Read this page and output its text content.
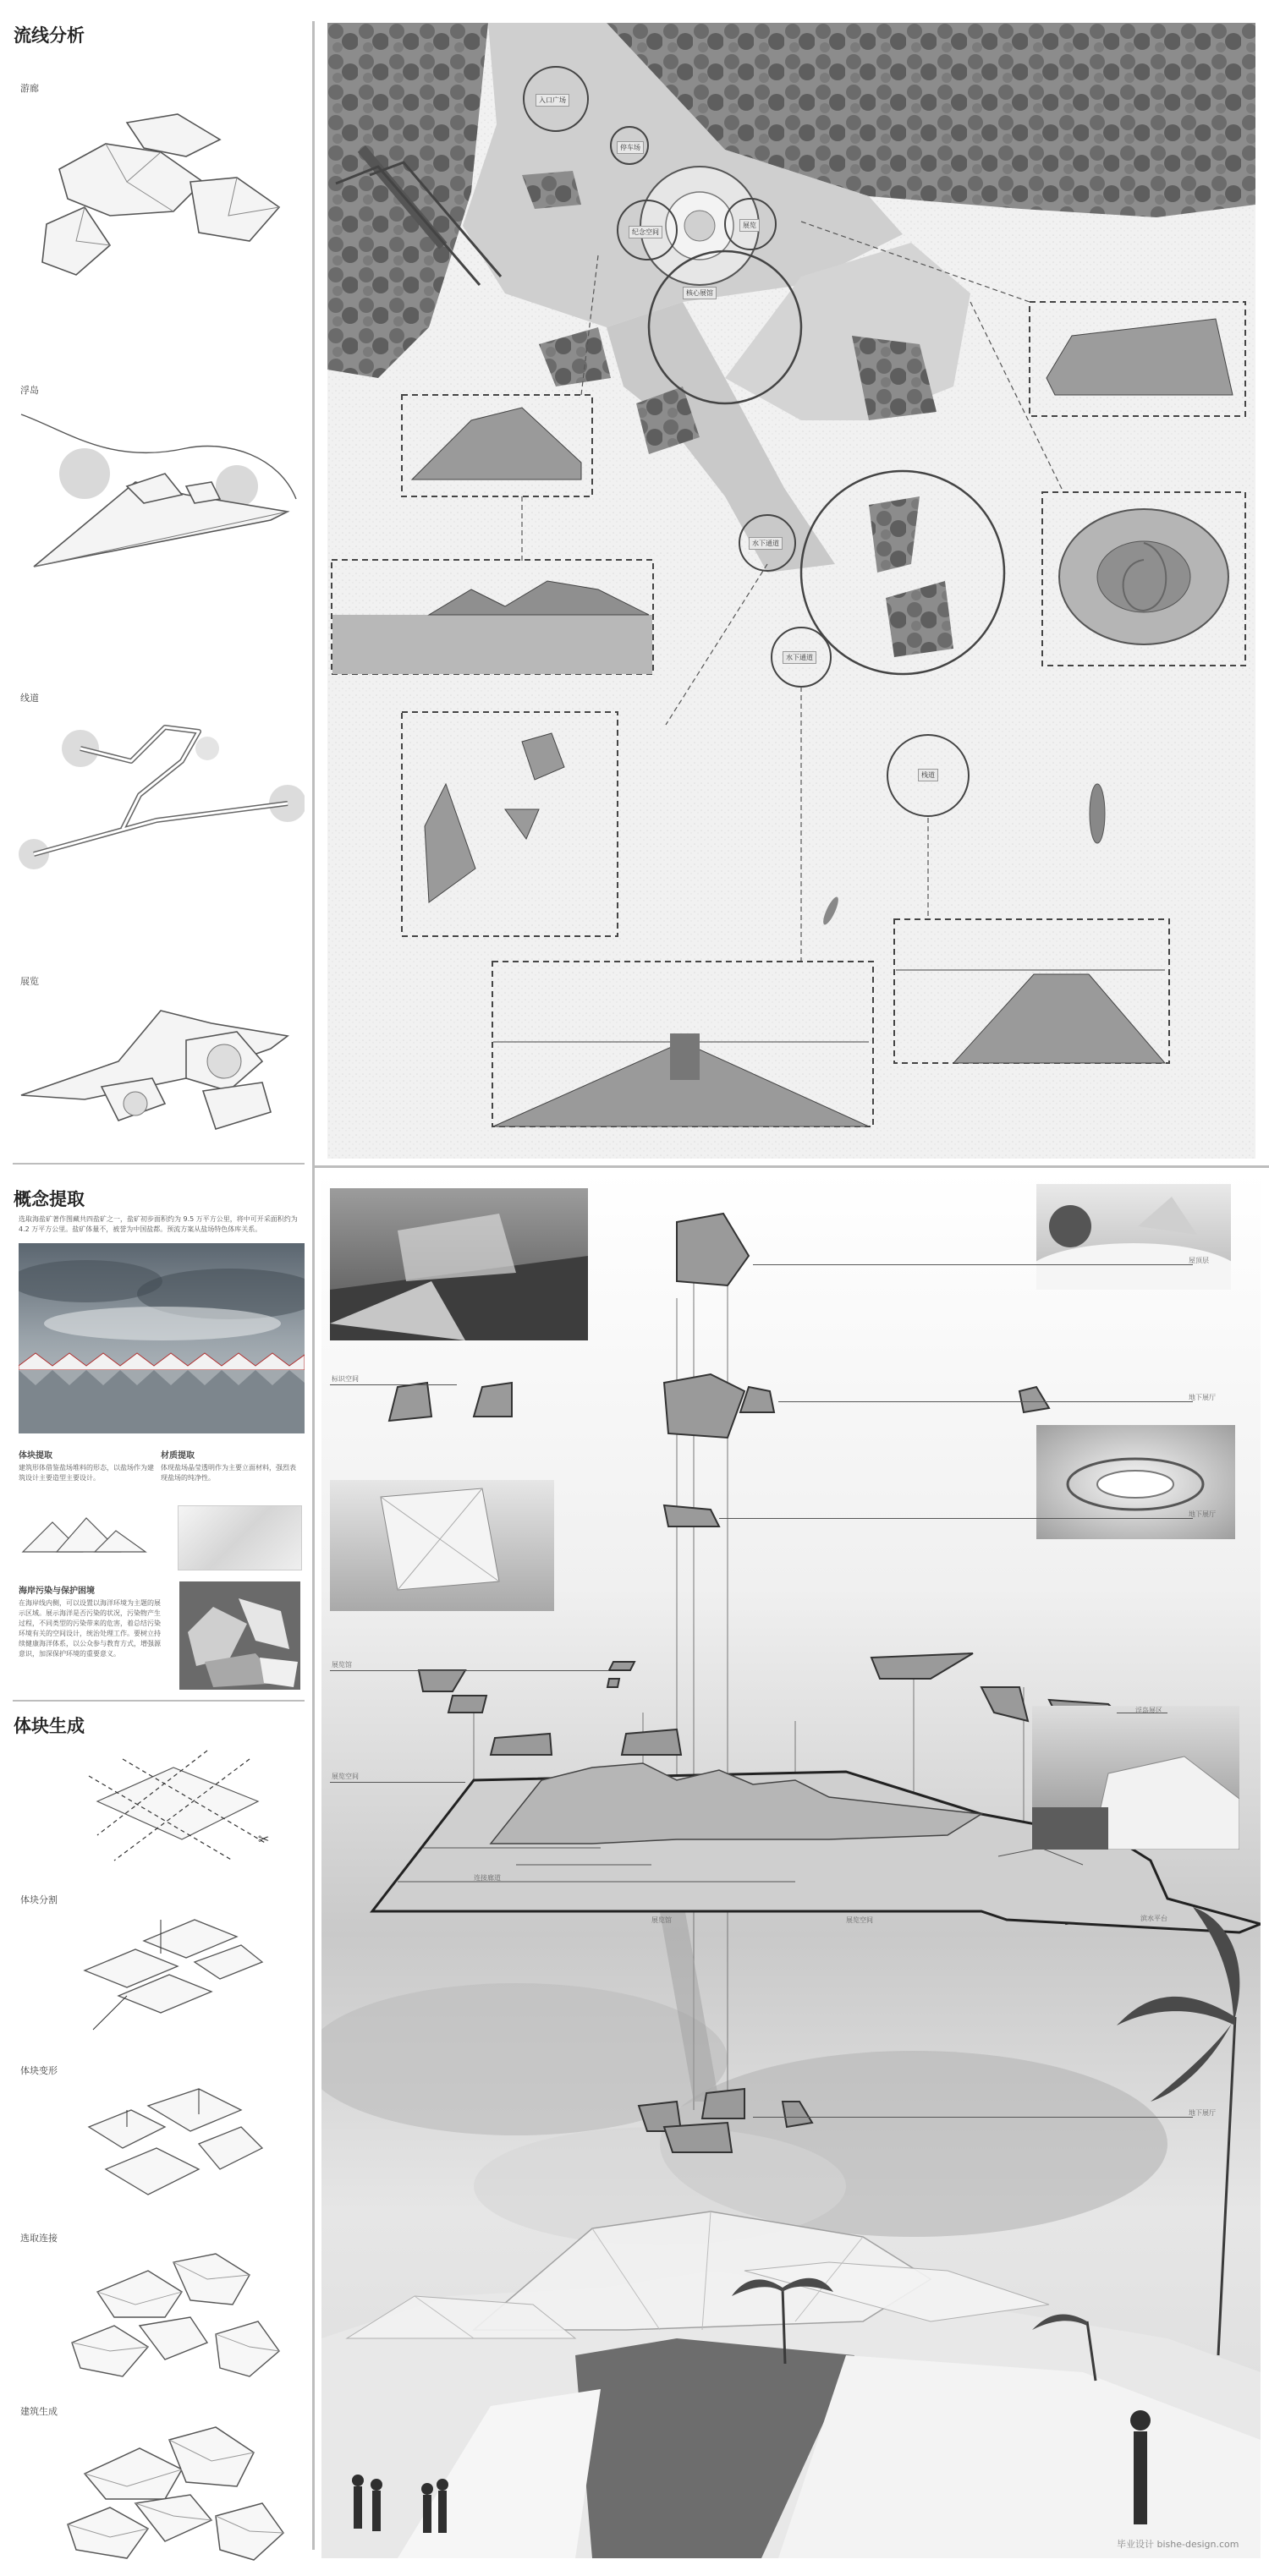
流线分析
游廊
浮岛
线道
展览
概念提取
选取海盐矿著作图藏共四盐矿之一，盐矿初步面积约为 9.5 万平方公里，将中可开采面积约为 4.2 万平方公里。盐矿体量不，被誉为中国盐都。预流方案从盐场特色体库关系。
体块提取
建筑形体借鉴盐场堆料的形态，以盐场作为建筑设计主要造型主要设计。
材质提取
体现盐场晶莹透明作为主要立面材料，强烈表现盐场的纯净性。
海岸污染与保护困境
在海岸线内侧，可以设置以海洋环境为主题的展示区域。展示海洋是否污染的状况，污染物产生过程，不同类型的污染带来的危害，着总结污染环境有关的空间设计，统治处理工作。要树立持续健康海洋体系，以公众参与教育方式，增强源意识，加深保护环境的重要意义。
体块生成
✂
体块分割
体块变形
选取连接
建筑生成
入口广场
停车场
纪念空间
展览
核心展馆
水下通道
水下通道
栈道
屋顶层
地下展厅
地下展厅
标识空间
展览馆
浮岛展区
展览空间
连接廊道
滨水平台
地下展厅
展览馆	展览空间
毕业设计 bishe-design.com
